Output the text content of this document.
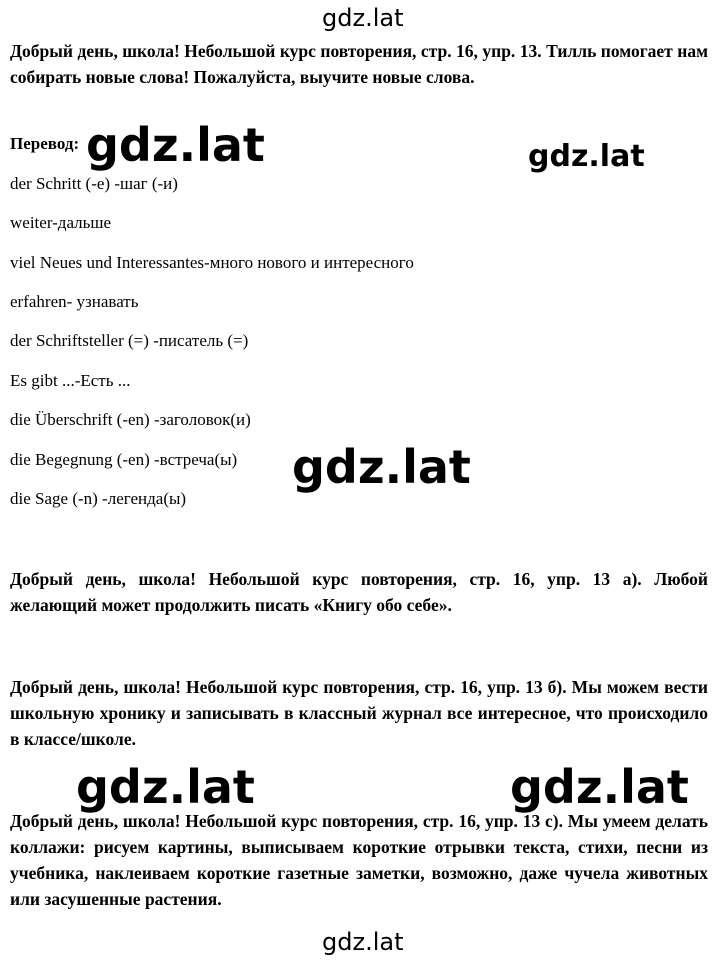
gdz.lat
Добрый день, школа! Небольшой курс повторения, стр. 16, упр. 13. Тилль помогает нам собирать новые слова! Пожалуйста, выучите новые слова.
Перевод:
der Schritt (-e) -шаг (-и)
weiter-дальше
viel Neues und Interessantes-много нового и интересного
erfahren- узнавать
der Schriftsteller (=) -писатель (=)
Es gibt ...-Есть ...
die Überschrift (-en) -заголовок(и)
die Begegnung (-en) -встреча(ы)
die Sage (-n) -легенда(ы)
Добрый день, школа! Небольшой курс повторения, стр. 16, упр. 13 а). Любой желающий может продолжить писать «Книгу обо себе».
Добрый день, школа! Небольшой курс повторения, стр. 16, упр. 13 б). Мы можем вести школьную хронику и записывать в классный журнал все интересное, что происходило в классе/школе.
Добрый день, школа! Небольшой курс повторения, стр. 16, упр. 13 с). Мы умеем делать коллажи: рисуем картины, выписываем короткие отрывки текста, стихи, песни из учебника, наклеиваем короткие газетные заметки, возможно, даже чучела животных или засушенные растения.
gdz.lat	gdz.lat
gdz.lat
gdz.lat	gdz.lat
gdz.lat
